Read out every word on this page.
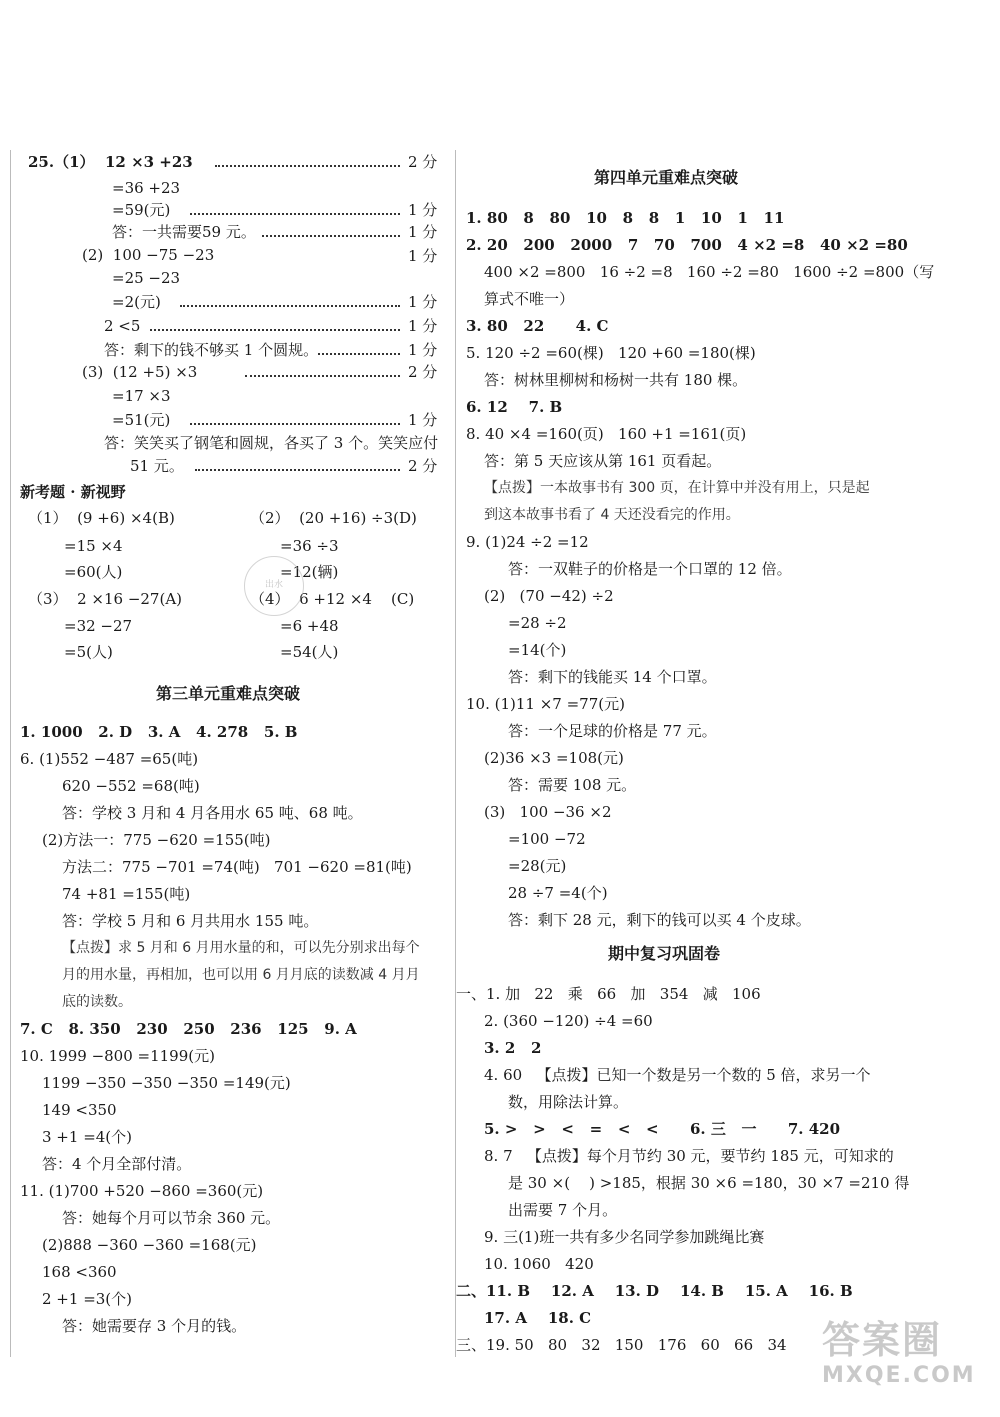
25.（1）  12 ×3 +23	2 分
=36 +23
=59(元)	1 分
答：一共需要59 元。	1 分
(2)  100 −75 −23	1 分
=25 −23
=2(元)	1 分
2 <5	1 分
答：剩下的钱不够买 1 个圆规。	1 分
(3)  (12 +5) ×3	2 分
=17 ×3
=51(元)	1 分
答：笑笑买了钢笔和圆规，各买了 3 个。笑笑应付
51 元。	2 分
新考题 · 新视野
（1）  (9 +6) ×4(B)	（2）  (20 +16) ÷3(D)
=15 ×4	=36 ÷3
=60(人)	=12(辆)
（3）  2 ×16 −27(A)	（4）  6 +12 ×4    (C)
=32 −27	=6 +48
=5(人)	=54(人)
出水
第三单元重难点突破
1. 1000   2. D   3. A   4. 278   5. B
6. (1)552 −487 =65(吨)
620 −552 =68(吨)
答：学校 3 月和 4 月各用水 65 吨、68 吨。
(2)方法一：775 −620 =155(吨)
方法二：775 −701 =74(吨)   701 −620 =81(吨)
74 +81 =155(吨)
答：学校 5 月和 6 月共用水 155 吨。
【点拨】求 5 月和 6 月用水量的和，可以先分别求出每个
月的用水量，再相加，也可以用 6 月月底的读数减 4 月月
底的读数。
7. C   8. 350   230   250   236   125   9. A
10. 1999 −800 =1199(元)
1199 −350 −350 −350 =149(元)
149 <350
3 +1 =4(个)
答：4 个月全部付清。
11. (1)700 +520 −860 =360(元)
答：她每个月可以节余 360 元。
(2)888 −360 −360 =168(元)
168 <360
2 +1 =3(个)
答：她需要存 3 个月的钱。
第四单元重难点突破
1. 80   8   80   10   8   8   1   10   1   11
2. 20   200   2000   7   70   700   4 ×2 =8   40 ×2 =80
400 ×2 =800   16 ÷2 =8   160 ÷2 =80   1600 ÷2 =800（写
算式不唯一）
3. 80   22      4. C
5. 120 ÷2 =60(棵)   120 +60 =180(棵)
答：树林里柳树和杨树一共有 180 棵。
6. 12    7. B
8. 40 ×4 =160(页)   160 +1 =161(页)
答：第 5 天应该从第 161 页看起。
【点拨】一本故事书有 300 页，在计算中并没有用上，只是起
到这本故事书看了 4 天还没看完的作用。
9. (1)24 ÷2 =12
答：一双鞋子的价格是一个口罩的 12 倍。
(2)   (70 −42) ÷2
=28 ÷2
=14(个)
答：剩下的钱能买 14 个口罩。
10. (1)11 ×7 =77(元)
答：一个足球的价格是 77 元。
(2)36 ×3 =108(元)
答：需要 108 元。
(3)   100 −36 ×2
=100 −72
=28(元)
28 ÷7 =4(个)
答：剩下 28 元，剩下的钱可以买 4 个皮球。
期中复习巩固卷
一、1. 加   22   乘   66   加   354   减   106
2. (360 −120) ÷4 =60
3. 2   2
4. 60   【点拨】已知一个数是另一个数的 5 倍，求另一个
数，用除法计算。
5. >   >   <   =   <   <      6. 三   一      7. 420
8. 7   【点拨】每个月节约 30 元，要节约 185 元，可知求的
是 30 ×(    ) >185，根据 30 ×6 =180，30 ×7 =210 得
出需要 7 个月。
9. 三(1)班一共有多少名同学参加跳绳比赛
10. 1060   420
二、11. B    12. A    13. D    14. B    15. A    16. B
17. A    18. C
三、19. 50   80   32   150   176   60   66   34 答案圈
MXQE.COM
